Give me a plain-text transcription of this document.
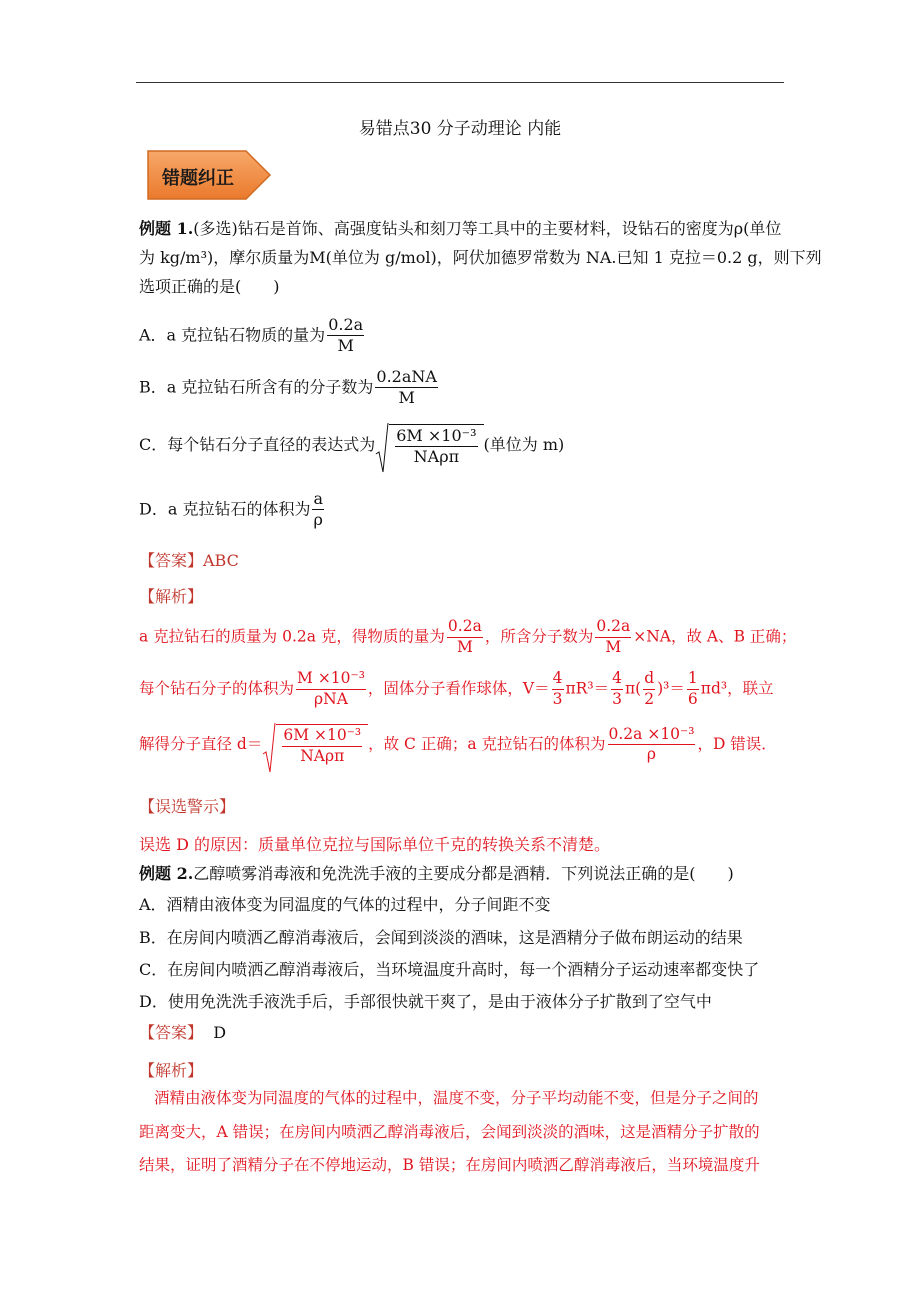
易错点30 分子动理论 内能
错题纠正
例题 1.(多选)钻石是首饰、高强度钻头和刻刀等工具中的主要材料，设钻石的密度为ρ(单位
为 kg/m³)，摩尔质量为M(单位为 g/mol)，阿伏加德罗常数为 NA.已知 1 克拉＝0.2 g，则下列
选项正确的是(　　)
A．a 克拉钻石物质的量为 $\frac{0.2a}{M}$
B．a 克拉钻石所含有的分子数为 $\frac{\text{0.2aNA}}{M}$
C．每个钻石分子直径的表达式为 $\frac{\text{6M ×10⁻³}}{\text{NAρπ}}$ (单位为 m)
D．a 克拉钻石的体积为 $\frac{a}{\rho}$
【答案】ABC
【解析】
a 克拉钻石的质量为 0.2a 克，得物质的量为 $\frac{0.2a}{M}$ ，所含分子数为 $\frac{0.2a}{M} \times NA$，故 A、B 正确；
每个钻石分子的体积为 $\frac{\text{M ×10⁻³}}{\text{ρNA}}$ ，固体分子看作球体，$V= \frac{4}{3} \pi R^3= \frac{4}{3} \pi( \frac{d}{2} )^3= \frac{1}{6} \pi d^3$，联立
解得分子直径 $d= \frac{\text{6M ×10⁻³}}{\text{NAρπ}}$ ，故 C 正确；a 克拉钻石的体积为 $\frac{\text{0.2a ×10⁻³}}{\rho}$ ，D 错误．
【误选警示】
误选 D 的原因：质量单位克拉与国际单位千克的转换关系不清楚。
例题 2.乙醇喷雾消毒液和免洗洗手液的主要成分都是酒精．下列说法正确的是(　　)
A．酒精由液体变为同温度的气体的过程中，分子间距不变
B．在房间内喷洒乙醇消毒液后，会闻到淡淡的酒味，这是酒精分子做布朗运动的结果
C．在房间内喷洒乙醇消毒液后，当环境温度升高时，每一个酒精分子运动速率都变快了
D．使用免洗洗手液洗手后，手部很快就干爽了，是由于液体分子扩散到了空气中
【答案】 D
【解析】
酒精由液体变为同温度的气体的过程中，温度不变，分子平均动能不变，但是分子之间的
距离变大，A 错误；在房间内喷洒乙醇消毒液后，会闻到淡淡的酒味，这是酒精分子扩散的
结果，证明了酒精分子在不停地运动，B 错误；在房间内喷洒乙醇消毒液后，当环境温度升
